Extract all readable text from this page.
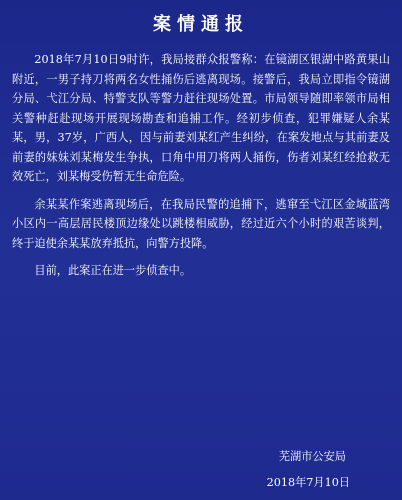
案情通报

2018年7月10日9时许，我局接群众报警称：在镜湖区银湖中路黄果山附近，一男子持刀将两名女性捅伤后逃离现场。接警后，我局立即指令镜湖分局、弋江分局、特警支队等警力赶往现场处置。市局领导随即率领市局相关警种赶赴现场开展现场勘查和追捕工作。经初步侦查，犯罪嫌疑人余某某，男，37岁，广西人，因与前妻刘某红产生纠纷，在案发地点与其前妻及前妻的妹妹刘某梅发生争执，口角中用刀将两人捅伤，伤者刘某红经抢救无效死亡，刘某梅受伤暂无生命危险。

余某某作案逃离现场后，在我局民警的追捕下，逃窜至弋江区金域蓝湾小区内一高层居民楼顶边缘处以跳楼相威胁，经过近六个小时的艰苦谈判，终于迫使余某某放弃抵抗，向警方投降。

目前，此案正在进一步侦查中。

芜湖市公安局
2018年7月10日
